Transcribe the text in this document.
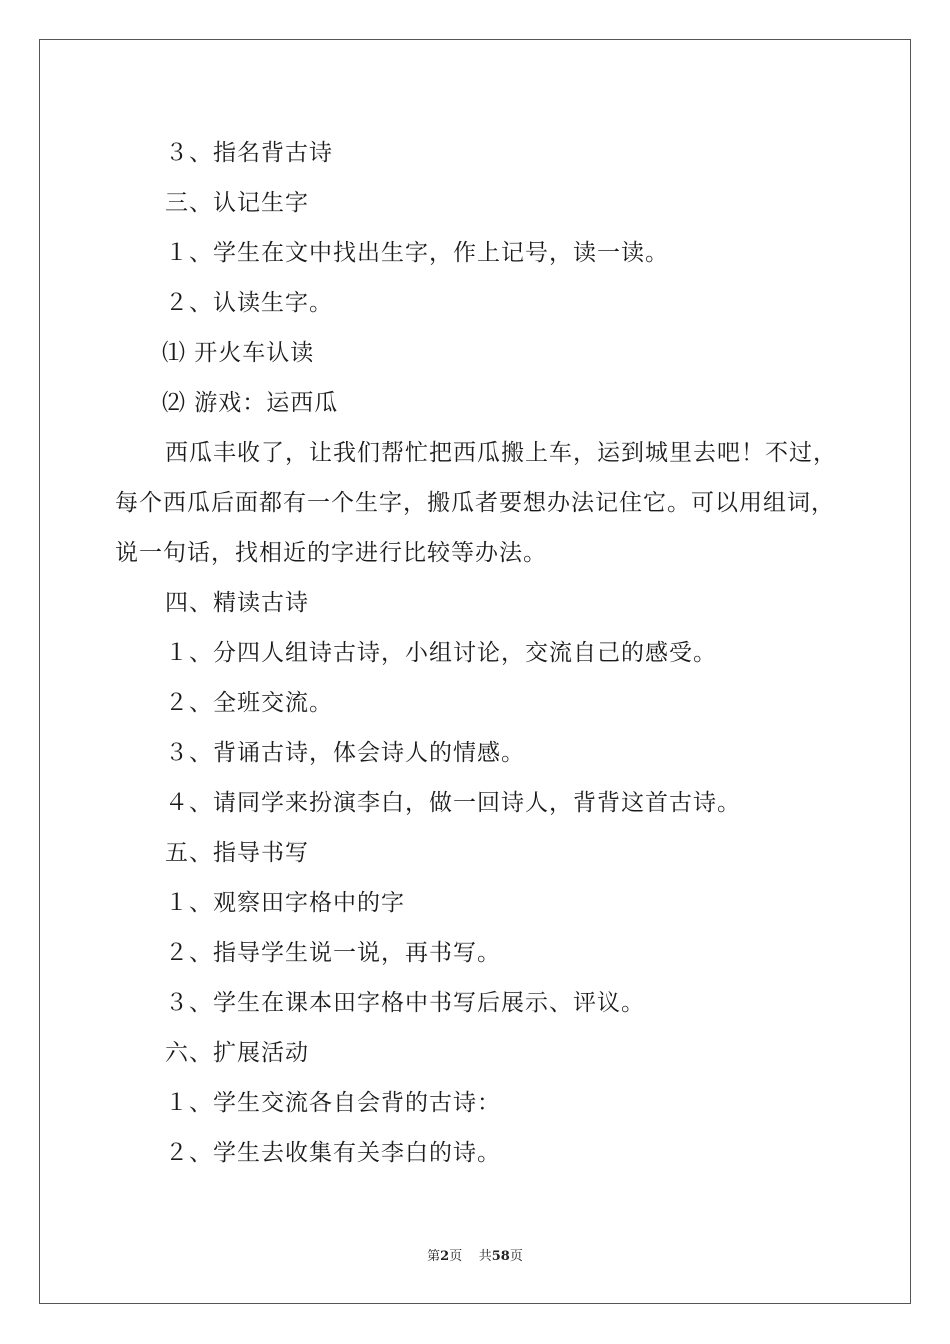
３、指名背古诗
三、认记生字
１、学生在文中找出生字，作上记号，读一读。
２、认读生字。
⑴ 开火车认读
⑵ 游戏：运西瓜
西瓜丰收了，让我们帮忙把西瓜搬上车，运到城里去吧！不过，
每个西瓜后面都有一个生字，搬瓜者要想办法记住它。可以用组词，
说一句话，找相近的字进行比较等办法。
四、精读古诗
１、分四人组诗古诗，小组讨论，交流自己的感受。
２、全班交流。
３、背诵古诗，体会诗人的情感。
４、请同学来扮演李白，做一回诗人，背背这首古诗。
五、指导书写
１、观察田字格中的字
２、指导学生说一说，再书写。
３、学生在课本田字格中书写后展示、评议。
六、扩展活动
１、学生交流各自会背的古诗：
２、学生去收集有关李白的诗。
第2页 共58页
